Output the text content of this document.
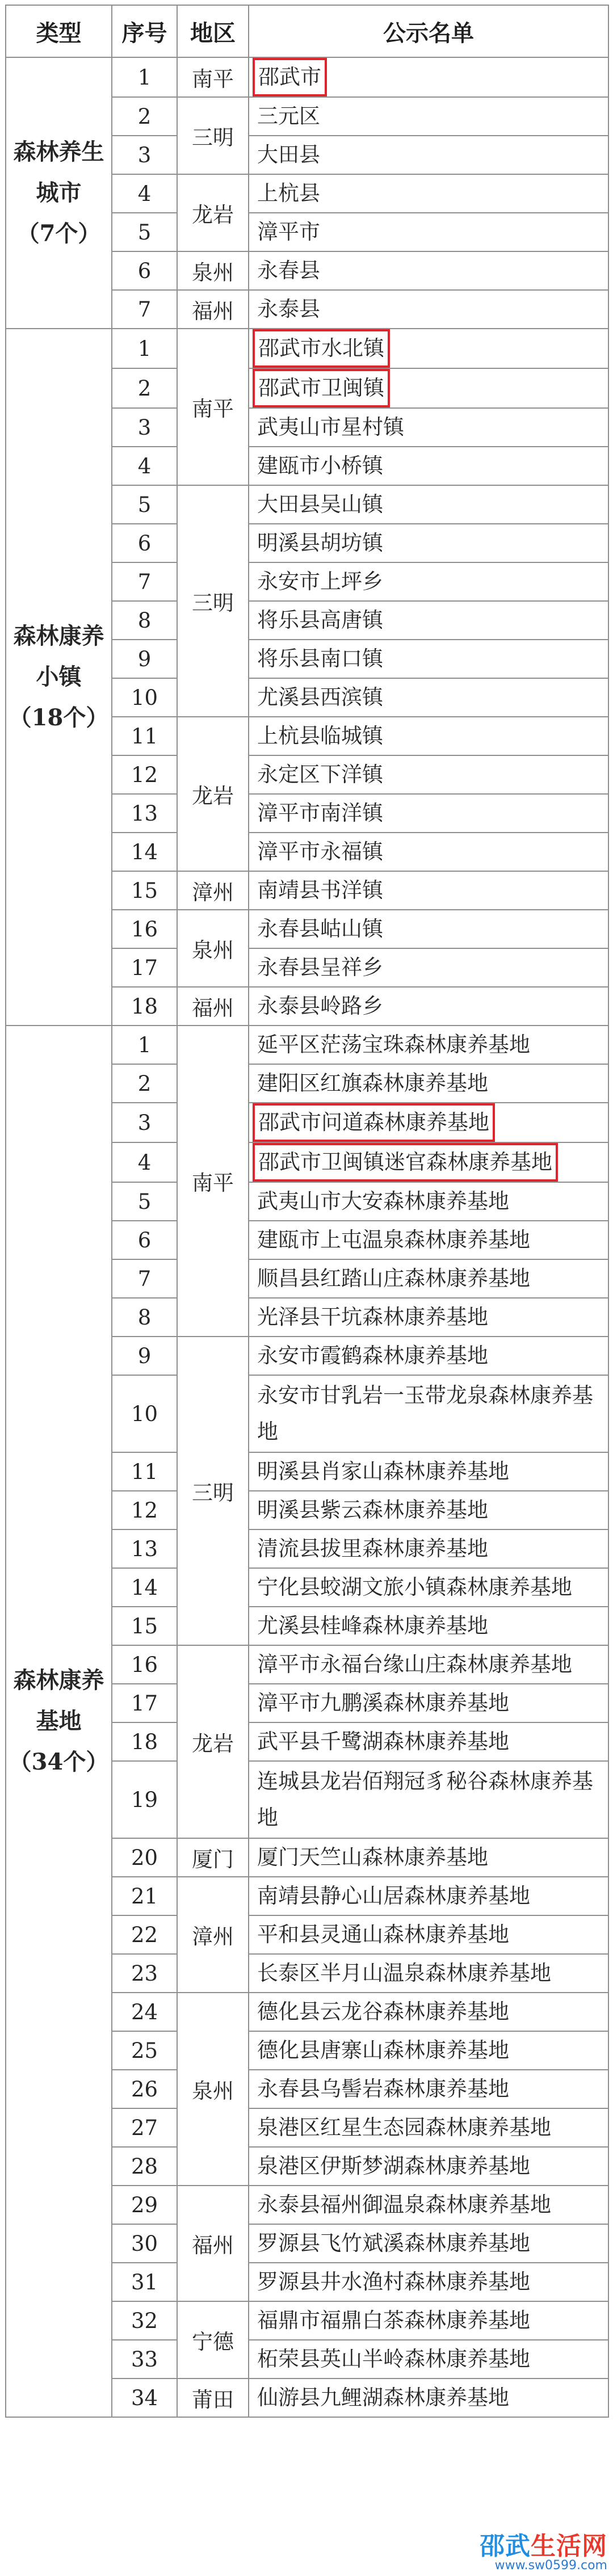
类型	序号	地区	公示名单

森林养生
城市
（7个）	1	南平	邵武市
	2	三明	三元区
	3		大田县
	4	龙岩	上杭县
	5		漳平市
	6	泉州	永春县
	7	福州	永泰县

森林康养
小镇
（18个）	1	南平	邵武市水北镇
	2		邵武市卫闽镇
	3		武夷山市星村镇
	4		建瓯市小桥镇
	5	三明	大田县吴山镇
	6		明溪县胡坊镇
	7		永安市上坪乡
	8		将乐县高唐镇
	9		将乐县南口镇
	10		尤溪县西滨镇
	11	龙岩	上杭县临城镇
	12		永定区下洋镇
	13		漳平市南洋镇
	14		漳平市永福镇
	15	漳州	南靖县书洋镇
	16	泉州	永春县岵山镇
	17		永春县呈祥乡
	18	福州	永泰县岭路乡

森林康养
基地
（34个）	1	南平	延平区茫荡宝珠森林康养基地
	2		建阳区红旗森林康养基地
	3		邵武市问道森林康养基地
	4		邵武市卫闽镇迷官森林康养基地
	5		武夷山市大安森林康养基地
	6		建瓯市上屯温泉森林康养基地
	7		顺昌县红踏山庄森林康养基地
	8		光泽县干坑森林康养基地
	9	三明	永安市霞鹤森林康养基地
	10		永安市甘乳岩一玉带龙泉森林康养基地
	11		明溪县肖家山森林康养基地
	12		明溪县紫云森林康养基地
	13		清流县拔里森林康养基地
	14		宁化县蛟湖文旅小镇森林康养基地
	15		尤溪县桂峰森林康养基地
	16	龙岩	漳平市永福台缘山庄森林康养基地
	17		漳平市九鹏溪森林康养基地
	18		武平县千鹭湖森林康养基地
	19		连城县龙岩佰翔冠豸秘谷森林康养基地
	20	厦门	厦门天竺山森林康养基地
	21	漳州	南靖县静心山居森林康养基地
	22		平和县灵通山森林康养基地
	23		长泰区半月山温泉森林康养基地
	24	泉州	德化县云龙谷森林康养基地
	25		德化县唐寨山森林康养基地
	26		永春县乌髻岩森林康养基地
	27		泉港区红星生态园森林康养基地
	28		泉港区伊斯梦湖森林康养基地
	29	福州	永泰县福州御温泉森林康养基地
	30		罗源县飞竹斌溪森林康养基地
	31		罗源县井水渔村森林康养基地
	32	宁德	福鼎市福鼎白茶森林康养基地
	33		柘荣县英山半岭森林康养基地
	34	莆田	仙游县九鲤湖森林康养基地
邵武生活网
www.sw0599.com
